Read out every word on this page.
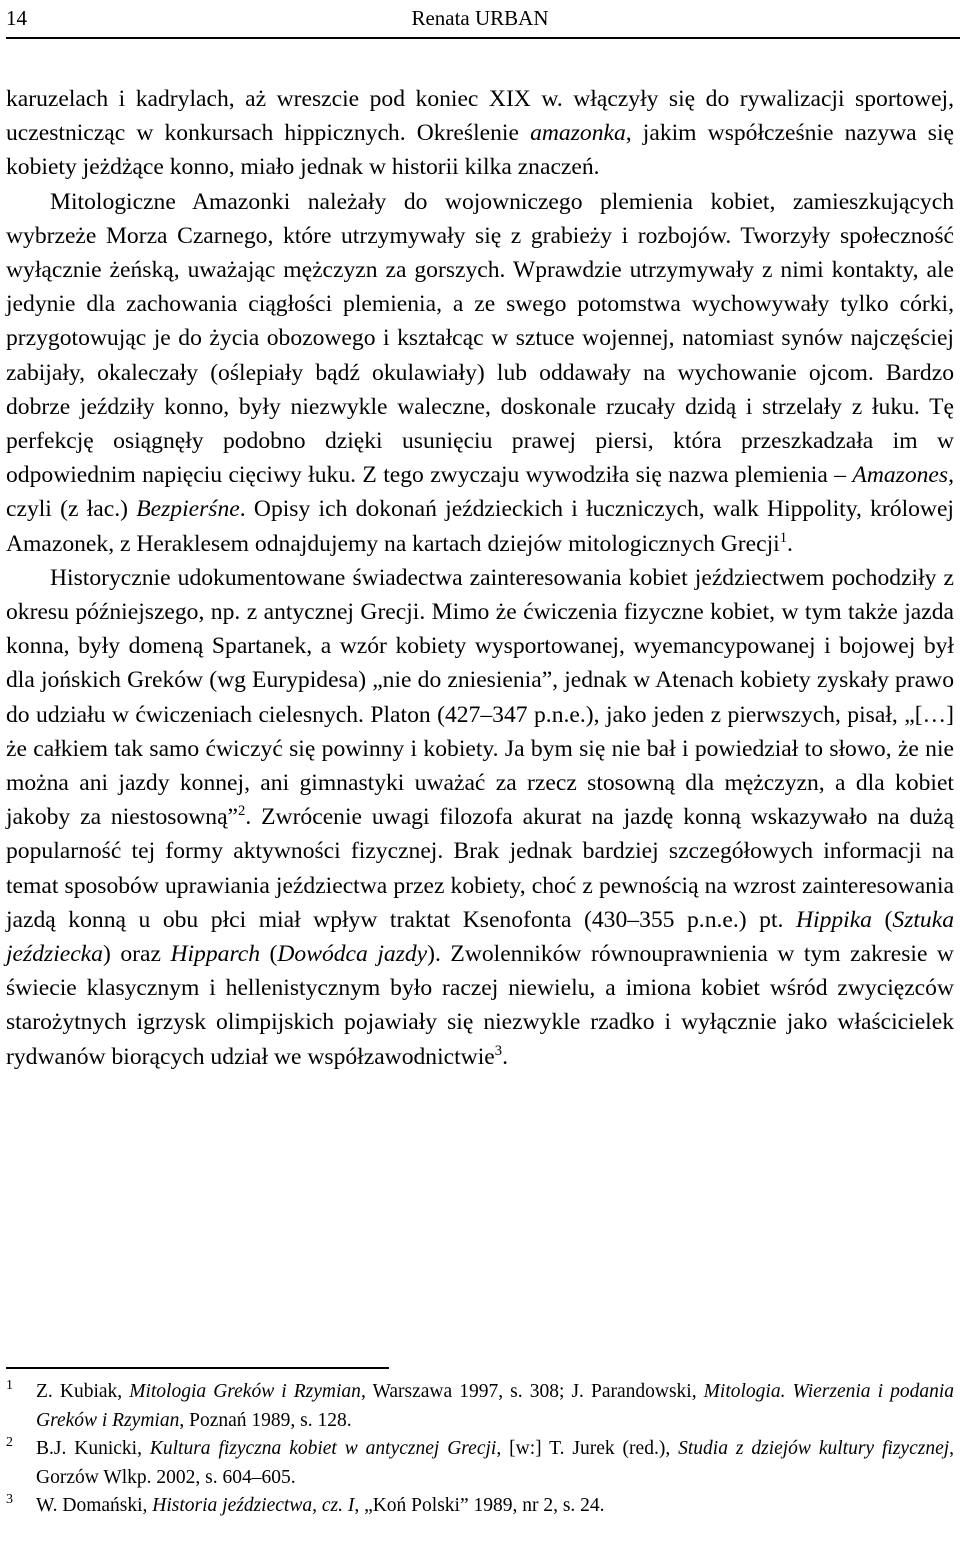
14	Renata URBAN

karuzelach i kadrylach, aż wreszcie pod koniec XIX w. włączyły się do rywalizacji sportowej, uczestnicząc w konkursach hippicznych. Określenie amazonka, jakim współcześnie nazywa się kobiety jeżdżące konno, miało jednak w historii kilka znaczeń.

Mitologiczne Amazonki należały do wojowniczego plemienia kobiet, zamieszkujących wybrzeże Morza Czarnego, które utrzymywały się z grabieży i rozbojów. Tworzyły społeczność wyłącznie żeńską, uważając mężczyzn za gorszych. Wprawdzie utrzymywały z nimi kontakty, ale jedynie dla zachowania ciągłości plemienia, a ze swego potomstwa wychowywały tylko córki, przygotowując je do życia obozowego i kształcąc w sztuce wojennej, natomiast synów najczęściej zabijały, okaleczały (oślepiały bądź okulawiały) lub oddawały na wychowanie ojcom. Bardzo dobrze jeździły konno, były niezwykle waleczne, doskonale rzucały dzidą i strzelały z łuku. Tę perfekcję osiągnęły podobno dzięki usunięciu prawej piersi, która przeszkadzała im w odpowiednim napięciu cięciwy łuku. Z tego zwyczaju wywodziła się nazwa plemienia – Amazones, czyli (z łac.) Bezpierśne. Opisy ich dokonań jeździeckich i łuczniczych, walk Hippolity, królowej Amazonek, z Heraklesem odnajdujemy na kartach dziejów mitologicznych Grecji$^1$.

Historycznie udokumentowane świadectwa zainteresowania kobiet jeździectwem pochodziły z okresu późniejszego, np. z antycznej Grecji. Mimo że ćwiczenia fizyczne kobiet, w tym także jazda konna, były domeną Spartanek, a wzór kobiety wysportowanej, wyemancypowanej i bojowej był dla jońskich Greków (wg Eurypidesa) „nie do zniesienia”, jednak w Atenach kobiety zyskały prawo do udziału w ćwiczeniach cielesnych. Platon (427–347 p.n.e.), jako jeden z pierwszych, pisał, „[…] że całkiem tak samo ćwiczyć się powinny i kobiety. Ja bym się nie bał i powiedział to słowo, że nie można ani jazdy konnej, ani gimnastyki uważać za rzecz stosowną dla mężczyzn, a dla kobiet jakoby za niestosowną”$^2$. Zwrócenie uwagi filozofa akurat na jazdę konną wskazywało na dużą popularność tej formy aktywności fizycznej. Brak jednak bardziej szczegółowych informacji na temat sposobów uprawiania jeździectwa przez kobiety, choć z pewnością na wzrost zainteresowania jazdą konną u obu płci miał wpływ traktat Ksenofonta (430–355 p.n.e.) pt. Hippika (Sztuka jeździecka) oraz Hipparch (Dowódca jazdy). Zwolenników równouprawnienia w tym zakresie w świecie klasycznym i hellenistycznym było raczej niewielu, a imiona kobiet wśród zwycięzców starożytnych igrzysk olimpijskich pojawiały się niezwykle rzadko i wyłącznie jako właścicielek rydwanów biorących udział we współzawodnictwie$^3$.

1 Z. Kubiak, Mitologia Greków i Rzymian, Warszawa 1997, s. 308; J. Parandowski, Mitologia. Wierzenia i podania Greków i Rzymian, Poznań 1989, s. 128.
2 B.J. Kunicki, Kultura fizyczna kobiet w antycznej Grecji, [w:] T. Jurek (red.), Studia z dziejów kultury fizycznej, Gorzów Wlkp. 2002, s. 604–605.
3 W. Domański, Historia jeździectwa, cz. I, „Koń Polski” 1989, nr 2, s. 24.
